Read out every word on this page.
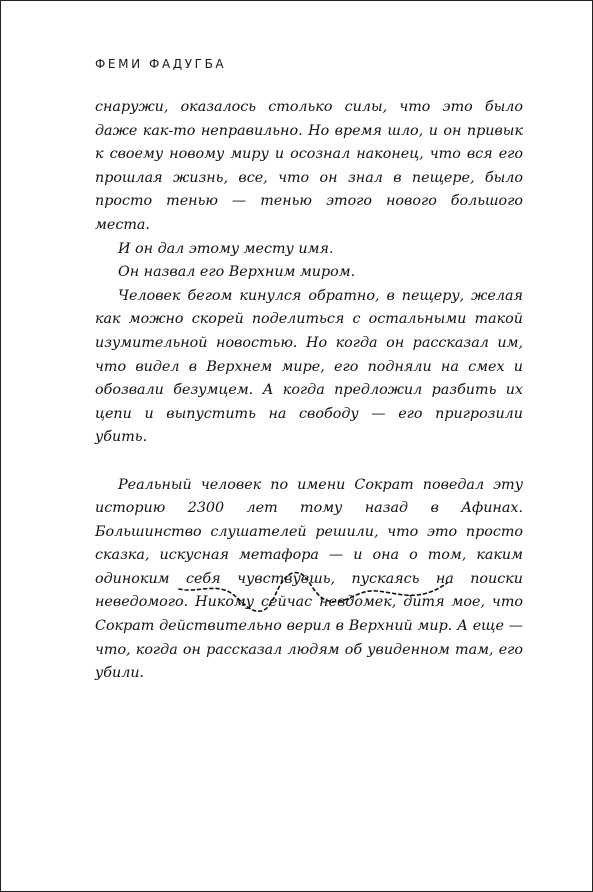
ФЕМИ ФАДУГБА

снаружи, оказалось столько силы, что это было даже как-то неправильно. Но время шло, и он привык к своему новому миру и осознал наконец, что вся его прошлая жизнь, все, что он знал в пещере, было просто тенью — тенью этого нового большого места.

И он дал этому месту имя.

Он назвал его Верхним миром.

Человек бегом кинулся обратно, в пещеру, желая как можно скорей поделиться с остальными такой изумительной новостью. Но когда он рассказал им, что видел в Верхнем мире, его подняли на смех и обозвали безумцем. А когда предложил разбить их цепи и выпустить на свободу — его пригрозили убить.

Реальный человек по имени Сократ поведал эту историю 2300 лет тому назад в Афинах. Большинство слушателей решили, что это просто сказка, искусная метафора — и она о том, каким одиноким себя чувствуешь, пускаясь на поиски неведомого. Никому сейчас невдомек, дитя мое, что Сократ действительно верил в Верхний мир. А еще — что, когда он рассказал людям об увиденном там, его убили.
